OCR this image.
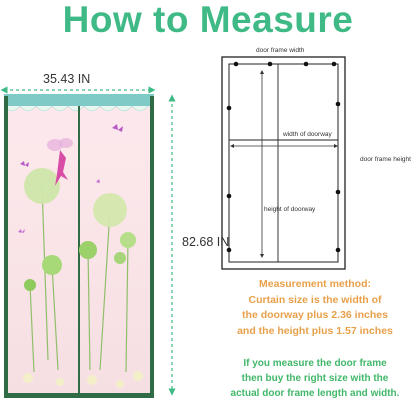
How to Measure
35.43 IN
82.68 IN
door frame width
width of doorway
door frame height
height of doorway
Measurement method:
Curtain size is the width of
the doorway plus 2.36 inches
and the height plus 1.57 inches
If you measure the door frame
then buy the right size with the
actual door frame length and width.
